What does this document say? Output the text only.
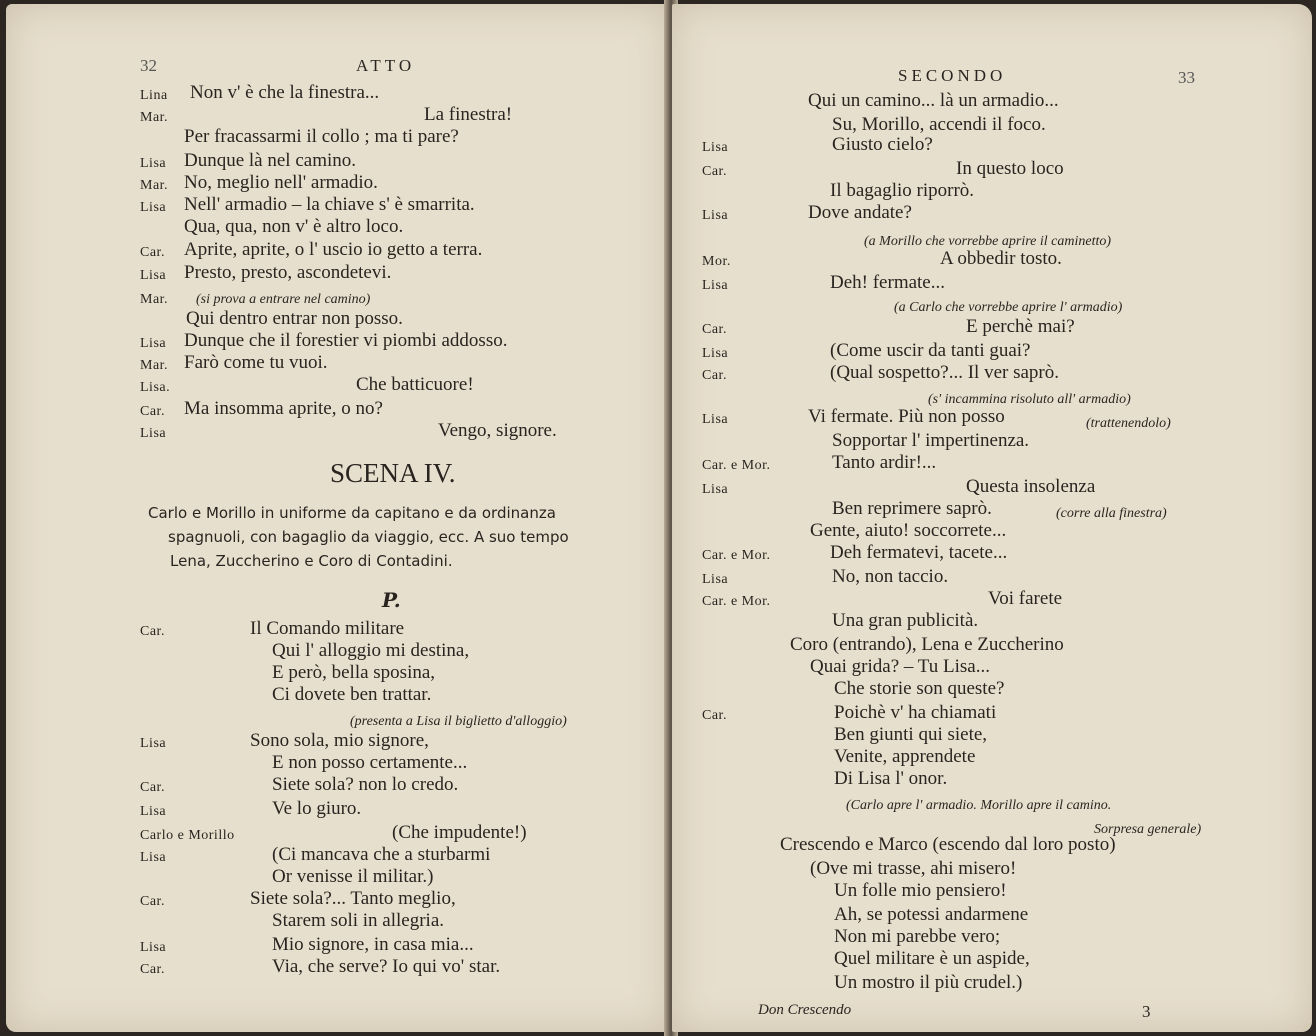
32	ATTO
Lina Non v' è che la finestra...
Mar.	La finestra!
Per fracassarmi il collo ; ma ti pare?
Lisa Dunque là nel camino.
Mar. No, meglio nell' armadio.
Lisa Nell' armadio – la chiave s' è smarrita.
Qua, qua, non v' è altro loco.
Car. Aprite, aprite, o l' uscio io getto a terra.
Lisa Presto, presto, ascondetevi.
Mar. (si prova a entrare nel camino)
Qui dentro entrar non posso.
Lisa Dunque che il forestier vi piombi addosso.
Mar. Farò come tu vuoi.
Lisa.	Che batticuore!
Car. Ma insomma aprite, o no?
Lisa	Vengo, signore.
SCENA IV.
Carlo e Morillo in uniforme da capitano e da ordinanza
spagnuoli, con bagaglio da viaggio, ecc. A suo tempo
Lena, Zuccherino e Coro di Contadini.
P.
Car.	Il Comando militare
Qui l' alloggio mi destina,
E però, bella sposina,
Ci dovete ben trattar.
(presenta a Lisa il biglietto d'alloggio)
Lisa	Sono sola, mio signore,
E non posso certamente...
Car.	Siete sola? non lo credo.
Lisa	Ve lo giuro.
Carlo e Morillo	(Che impudente!)
Lisa	(Ci mancava che a sturbarmi
Or venisse il militar.)
Car.	Siete sola?... Tanto meglio,
Starem soli in allegria.
Lisa	Mio signore, in casa mia...
Car.	Via, che serve? Io qui vo' star.
SECONDO	33
Qui un camino... là un armadio...
Su, Morillo, accendi il foco.
Lisa	Giusto cielo?
Car.	In questo loco
Il bagaglio riporrò.
Lisa	Dove andate?
(a Morillo che vorrebbe aprire il caminetto)
Mor.	A obbedir tosto.
Lisa	Deh! fermate...
(a Carlo che vorrebbe aprire l' armadio)
Car.	E perchè mai?
Lisa	(Come uscir da tanti guai?
Car.	(Qual sospetto?... Il ver saprò.
(s' incammina risoluto all' armadio)
Lisa	Vi fermate. Più non posso	(trattenendolo)
Sopportar l' impertinenza.
Car. e Mor.	Tanto ardir!...
Lisa	Questa insolenza
Ben reprimere saprò.	(corre alla finestra)
Gente, aiuto! soccorrete...
Car. e Mor.	Deh fermatevi, tacete...
Lisa	No, non taccio.
Car. e Mor.	Voi farete
Una gran publicità.
Coro (entrando), Lena e Zuccherino
Quai grida? – Tu Lisa...
Che storie son queste?
Car.	Poichè v' ha chiamati
Ben giunti qui siete,
Venite, apprendete
Di Lisa l' onor.
(Carlo apre l' armadio. Morillo apre il camino.
Sorpresa generale)
Crescendo e Marco (escendo dal loro posto)
(Ove mi trasse, ahi misero!
Un folle mio pensiero!
Ah, se potessi andarmene
Non mi parebbe vero;
Quel militare è un aspide,
Un mostro il più crudel.)
Don Crescendo	3
